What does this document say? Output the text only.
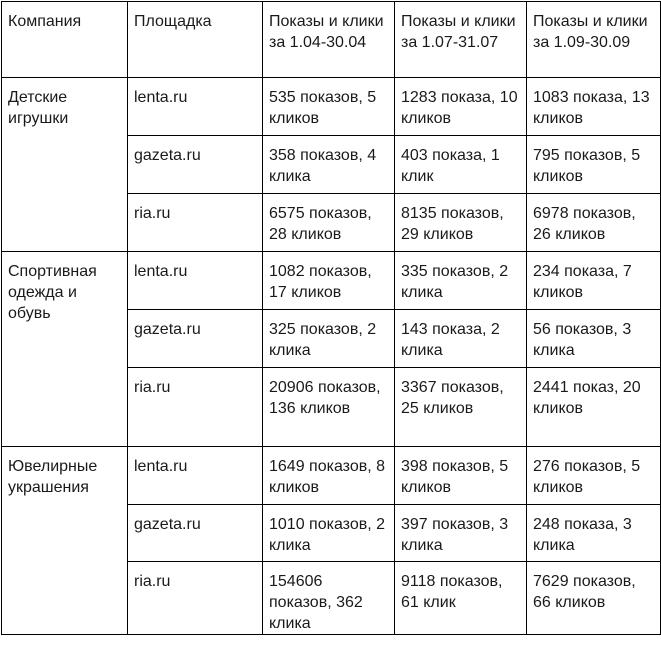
Компания	Площадка	Показы и клики за 1.04-30.04	Показы и клики за 1.07-31.07	Показы и клики за 1.09-30.09
Детские игрушки	lenta.ru	535 показов, 5 кликов	1283 показа, 10 кликов	1083 показа, 13 кликов
	gazeta.ru	358 показов, 4 клика	403 показа, 1 клик	795 показов, 5 кликов
	ria.ru	6575 показов, 28 кликов	8135 показов, 29 кликов	6978 показов, 26 кликов
Спортивная одежда и обувь	lenta.ru	1082 показов, 17 кликов	335 показов, 2 клика	234 показа, 7 кликов
	gazeta.ru	325 показов, 2 клика	143 показа, 2 клика	56 показов, 3 клика
	ria.ru	20906 показов, 136 кликов	3367 показов, 25 кликов	2441 показ, 20 кликов
Ювелирные украшения	lenta.ru	1649 показов, 8 кликов	398 показов, 5 кликов	276 показов, 5 кликов
	gazeta.ru	1010 показов, 2 клика	397 показов, 3 клика	248 показа, 3 клика
	ria.ru	154606 показов, 362 клика	9118 показов, 61 клик	7629 показов, 66 кликов
